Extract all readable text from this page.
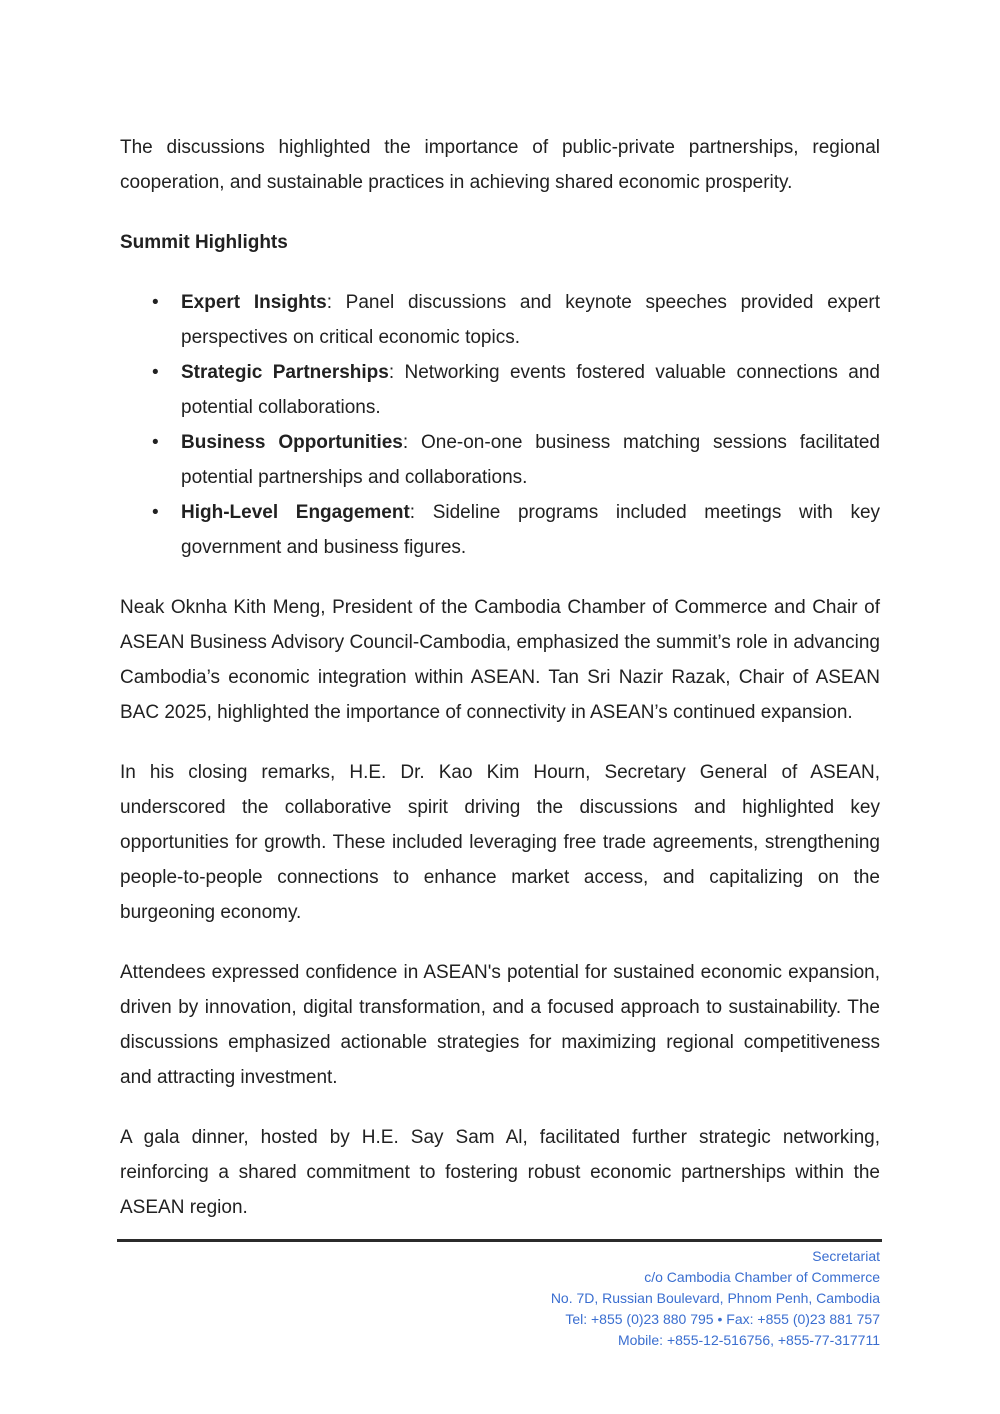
The discussions highlighted the importance of public-private partnerships, regional cooperation, and sustainable practices in achieving shared economic prosperity.

Summit Highlights
• Expert Insights: Panel discussions and keynote speeches provided expert perspectives on critical economic topics.
• Strategic Partnerships: Networking events fostered valuable connections and potential collaborations.
• Business Opportunities: One-on-one business matching sessions facilitated potential partnerships and collaborations.
• High-Level Engagement: Sideline programs included meetings with key government and business figures.

Neak Oknha Kith Meng, President of the Cambodia Chamber of Commerce and Chair of ASEAN Business Advisory Council-Cambodia, emphasized the summit’s role in advancing Cambodia’s economic integration within ASEAN. Tan Sri Nazir Razak, Chair of ASEAN BAC 2025, highlighted the importance of connectivity in ASEAN’s continued expansion.

In his closing remarks, H.E. Dr. Kao Kim Hourn, Secretary General of ASEAN, underscored the collaborative spirit driving the discussions and highlighted key opportunities for growth. These included leveraging free trade agreements, strengthening people-to-people connections to enhance market access, and capitalizing on the burgeoning economy.

Attendees expressed confidence in ASEAN's potential for sustained economic expansion, driven by innovation, digital transformation, and a focused approach to sustainability. The discussions emphasized actionable strategies for maximizing regional competitiveness and attracting investment.

A gala dinner, hosted by H.E. Say Sam Al, facilitated further strategic networking, reinforcing a shared commitment to fostering robust economic partnerships within the ASEAN region.

Secretariat
c/o Cambodia Chamber of Commerce
No. 7D, Russian Boulevard, Phnom Penh, Cambodia
Tel: +855 (0)23 880 795 • Fax: +855 (0)23 881 757
Mobile: +855-12-516756, +855-77-317711
